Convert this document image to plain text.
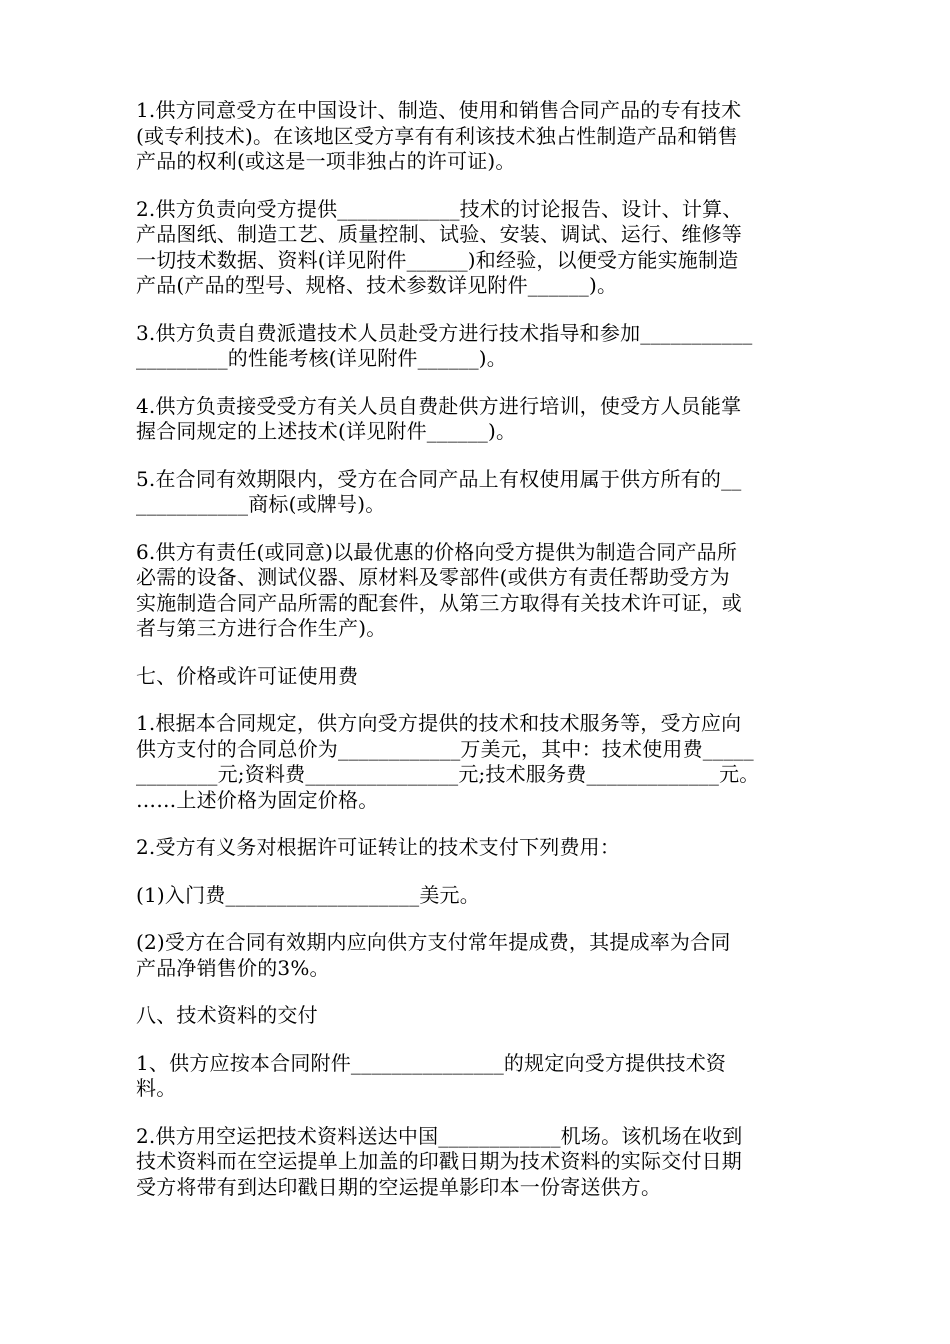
1.供方同意受方在中国设计、制造、使用和销售合同产品的专有技术
(或专利技术)。在该地区受方享有有利该技术独占性制造产品和销售
产品的权利(或这是一项非独占的许可证)。

2.供方负责向受方提供____________技术的讨论报告、设计、计算、
产品图纸、制造工艺、质量控制、试验、安装、调试、运行、维修等
一切技术数据、资料(详见附件______)和经验，以便受方能实施制造
产品(产品的型号、规格、技术参数详见附件______)。

3.供方负责自费派遣技术人员赴受方进行技术指导和参加___________
_________的性能考核(详见附件______)。

4.供方负责接受受方有关人员自费赴供方进行培训，使受方人员能掌
握合同规定的上述技术(详见附件______)。

5.在合同有效期限内，受方在合同产品上有权使用属于供方所有的__
___________商标(或牌号)。

6.供方有责任(或同意)以最优惠的价格向受方提供为制造合同产品所
必需的设备、测试仪器、原材料及零部件(或供方有责任帮助受方为
实施制造合同产品所需的配套件，从第三方取得有关技术许可证，或
者与第三方进行合作生产)。

七、价格或许可证使用费

1.根据本合同规定，供方向受方提供的技术和技术服务等，受方应向
供方支付的合同总价为____________万美元，其中：技术使用费_____
________元;资料费_______________元;技术服务费_____________元。
……上述价格为固定价格。

2.受方有义务对根据许可证转让的技术支付下列费用：

(1)入门费___________________美元。

(2)受方在合同有效期内应向供方支付常年提成费，其提成率为合同
产品净销售价的3%。

八、技术资料的交付

1、供方应按本合同附件_______________的规定向受方提供技术资
料。

2.供方用空运把技术资料送达中国____________机场。该机场在收到
技术资料而在空运提单上加盖的印戳日期为技术资料的实际交付日期
受方将带有到达印戳日期的空运提单影印本一份寄送供方。
